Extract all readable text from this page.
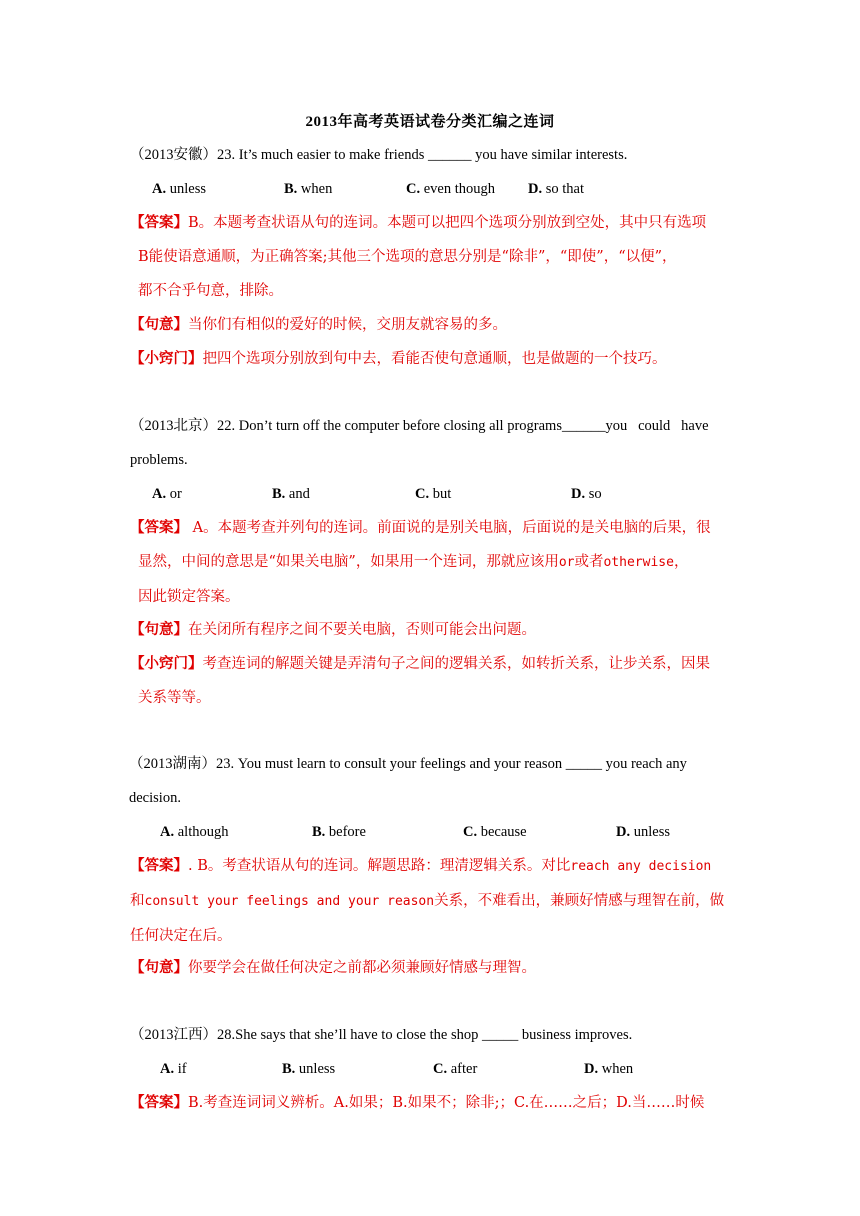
2013年高考英语试卷分类汇编之连词
（2013安徽）23. It’s much easier to make friends ______ you have similar interests.
A. unless	B. when	C. even though D. so that
【答案】B。本题考查状语从句的连词。本题可以把四个选项分别放到空处，其中只有选项
B能使语意通顺，为正确答案;其他三个选项的意思分别是“除非”，“即使”，“以便”，
都不合乎句意，排除。
【句意】当你们有相似的爱好的时候，交朋友就容易的多。
【小窍门】把四个选项分别放到句中去，看能否使句意通顺，也是做题的一个技巧。
（2013北京）22. Don’t turn off the computer before closing all programs______you   could   have
problems.
A. or	B. and	C. but	D. so
【答案】 A。本题考查并列句的连词。前面说的是别关电脑，后面说的是关电脑的后果，很
显然，中间的意思是“如果关电脑”，如果用一个连词，那就应该用or或者otherwise，
因此锁定答案。
【句意】在关闭所有程序之间不要关电脑，否则可能会出问题。
【小窍门】考查连词的解题关键是弄清句子之间的逻辑关系，如转折关系，让步关系，因果
关系等等。
（2013湖南）23. You must learn to consult your feelings and your reason _____ you reach any
decision.
A. although	B. before	C. because	D. unless
【答案】. B。考查状语从句的连词。解题思路：理清逻辑关系。对比reach any decision
和consult your feelings and your reason关系，不难看出，兼顾好情感与理智在前，做
任何决定在后。
【句意】你要学会在做任何决定之前都必须兼顾好情感与理智。
（2013江西）28.She says that she’ll have to close the shop _____ business improves.
A. if	B. unless	C. after	D. when
【答案】B.考查连词词义辨析。A.如果；B.如果不；除非;；C.在……之后；D.当……时候
